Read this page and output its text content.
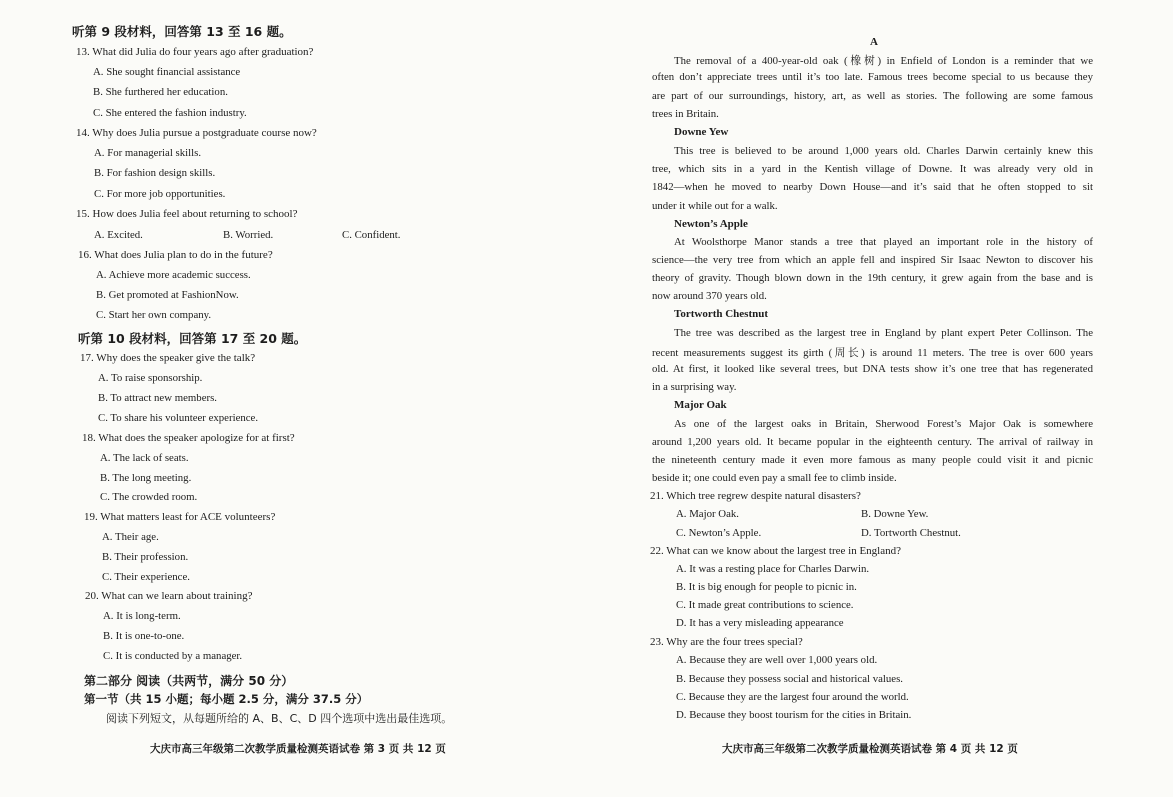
听第 9 段材料，回答第 13 至 16 题。
13. What did Julia do four years ago after graduation?
A. She sought financial assistance
B. She furthered her education.
C. She entered the fashion industry.
14. Why does Julia pursue a postgraduate course now?
A. For managerial skills.
B. For fashion design skills.
C. For more job opportunities.
15. How does Julia feel about returning to school?
A. Excited.	B. Worried.	C. Confident.
16. What does Julia plan to do in the future?
A. Achieve more academic success.
B. Get promoted at FashionNow.
C. Start her own company.
听第 10 段材料，回答第 17 至 20 题。
17. Why does the speaker give the talk?
A. To raise sponsorship.
B. To attract new members.
C. To share his volunteer experience.
18. What does the speaker apologize for at first?
A. The lack of seats.
B. The long meeting.
C. The crowded room.
19. What matters least for ACE volunteers?
A. Their age.
B. Their profession.
C. Their experience.
20. What can we learn about training?
A. It is long-term.
B. It is one-to-one.
C. It is conducted by a manager.
第二部分 阅读（共两节，满分 50 分）
第一节（共 15 小题；每小题 2.5 分，满分 37.5 分）
阅读下列短文，从每题所给的 A、B、C、D 四个选项中选出最佳选项。
大庆市高三年级第二次教学质量检测英语试卷 第 3 页 共 12 页
A
The removal of a 400-year-old oak (橡树) in Enfield of London is a reminder that we
often don’t appreciate trees until it’s too late. Famous trees become special to us because they
are part of our surroundings, history, art, as well as stories. The following are some famous
trees in Britain.
Downe Yew
This tree is believed to be around 1,000 years old. Charles Darwin certainly knew this
tree, which sits in a yard in the Kentish village of Downe. It was already very old in
1842—when he moved to nearby Down House—and it’s said that he often stopped to sit
under it while out for a walk.
Newton’s Apple
At Woolsthorpe Manor stands a tree that played an important role in the history of
science—the very tree from which an apple fell and inspired Sir Isaac Newton to discover his
theory of gravity. Though blown down in the 19th century, it grew again from the base and is
now around 370 years old.
Tortworth Chestnut
The tree was described as the largest tree in England by plant expert Peter Collinson. The
recent measurements suggest its girth (周长) is around 11 meters. The tree is over 600 years
old. At first, it looked like several trees, but DNA tests show it’s one tree that has regenerated
in a surprising way.
Major Oak
As one of the largest oaks in Britain, Sherwood Forest’s Major Oak is somewhere
around 1,200 years old. It became popular in the eighteenth century. The arrival of railway in
the nineteenth century made it even more famous as many people could visit it and picnic
beside it; one could even pay a small fee to climb inside.
21. Which tree regrew despite natural disasters?
A. Major Oak.	B. Downe Yew.
C. Newton’s Apple.	D. Tortworth Chestnut.
22. What can we know about the largest tree in England?
A. It was a resting place for Charles Darwin.
B. It is big enough for people to picnic in.
C. It made great contributions to science.
D. It has a very misleading appearance
23. Why are the four trees special?
A. Because they are well over 1,000 years old.
B. Because they possess social and historical values.
C. Because they are the largest four around the world.
D. Because they boost tourism for the cities in Britain.
大庆市高三年级第二次教学质量检测英语试卷 第 4 页 共 12 页
